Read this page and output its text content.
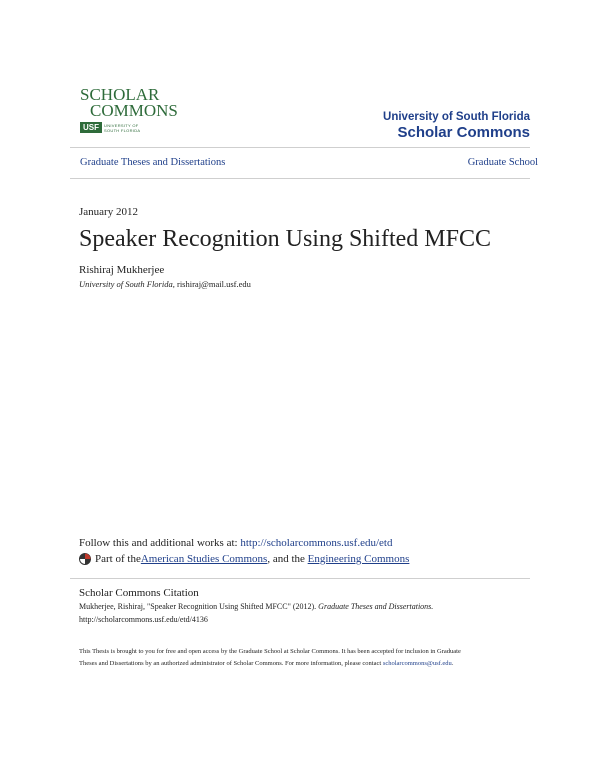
SCHOLAR
COMMONS
USF	UNIVERSITY OF
SOUTH FLORIDA
University of South Florida
Scholar Commons
Graduate Theses and Dissertations	Graduate School
January 2012
Speaker Recognition Using Shifted MFCC
Rishiraj Mukherjee
University of South Florida, rishiraj@mail.usf.edu
Follow this and additional works at: http://scholarcommons.usf.edu/etd
Part of the American Studies Commons , and the Engineering Commons
Scholar Commons Citation
Mukherjee, Rishiraj, "Speaker Recognition Using Shifted MFCC" (2012). Graduate Theses and Dissertations.
http://scholarcommons.usf.edu/etd/4136
This Thesis is brought to you for free and open access by the Graduate School at Scholar Commons. It has been accepted for inclusion in Graduate
Theses and Dissertations by an authorized administrator of Scholar Commons. For more information, please contact scholarcommons@usf.edu.
